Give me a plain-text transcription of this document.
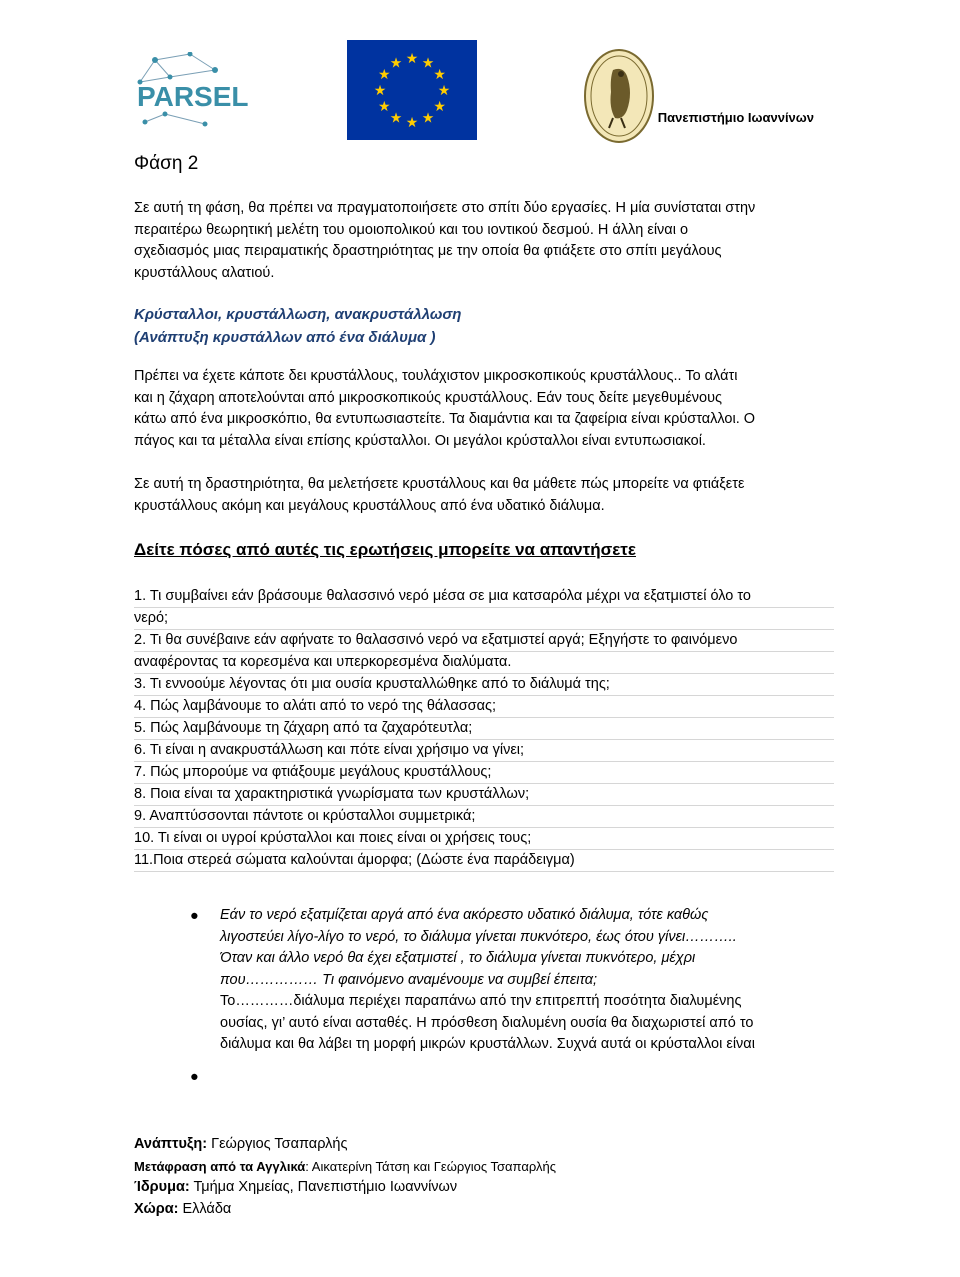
PARSEL	★
★
★
★
★
★
★
★
★ ★ ★
★
Πανεπιστήμιο Ιωαννίνων
Φάση 2
Σε αυτή τη φάση, θα πρέπει να πραγματοποιήσετε στο σπίτι δύο εργασίες. Η μία συνίσταται στην
περαιτέρω θεωρητική μελέτη του ομοιοπολικού και του ιοντικού δεσμού. Η άλλη είναι ο
σχεδιασμός μιας πειραματικής δραστηριότητας με την οποία θα φτιάξετε στο σπίτι μεγάλους
κρυστάλλους αλατιού.
Κρύσταλλοι, κρυστάλλωση, ανακρυστάλλωση
(Ανάπτυξη κρυστάλλων από ένα διάλυμα )
Πρέπει να έχετε κάποτε δει κρυστάλλους, τουλάχιστον μικροσκοπικούς κρυστάλλους.. Το αλάτι
και η ζάχαρη αποτελούνται από μικροσκοπικούς κρυστάλλους. Εάν τους δείτε μεγεθυμένους
κάτω από ένα μικροσκόπιο, θα εντυπωσιαστείτε. Τα διαμάντια και τα ζαφείρια είναι κρύσταλλοι. Ο
πάγος και τα μέταλλα είναι επίσης κρύσταλλοι. Οι μεγάλοι κρύσταλλοι είναι εντυπωσιακοί.
Σε αυτή τη δραστηριότητα, θα μελετήσετε κρυστάλλους και θα μάθετε πώς μπορείτε να φτιάξετε
κρυστάλλους ακόμη και μεγάλους κρυστάλλους από ένα υδατικό διάλυμα.
Δείτε πόσες από αυτές τις ερωτήσεις μπορείτε να απαντήσετε
1. Τι συμβαίνει εάν βράσουμε θαλασσινό νερό μέσα σε μια κατσαρόλα μέχρι να εξατμιστεί όλο το
νερό;
2. Τι θα συνέβαινε εάν αφήνατε το θαλασσινό νερό να εξατμιστεί αργά; Εξηγήστε το φαινόμενο
αναφέροντας τα κορεσμένα και υπερκορεσμένα διαλύματα.
3. Τι εννοούμε λέγοντας ότι μια ουσία κρυσταλλώθηκε από το διάλυμά της;
4. Πώς λαμβάνουμε το αλάτι από το νερό της θάλασσας;
5. Πώς λαμβάνουμε τη ζάχαρη από τα ζαχαρότευτλα;
6. Τι είναι η ανακρυστάλλωση και πότε είναι χρήσιμο να γίνει;
7. Πώς μπορούμε να φτιάξουμε μεγάλους κρυστάλλους;
8. Ποια είναι τα χαρακτηριστικά γνωρίσματα των κρυστάλλων;
9. Αναπτύσσονται πάντοτε οι κρύσταλλοι συμμετρικά;
10. Τι είναι οι υγροί κρύσταλλοι και ποιες είναι οι χρήσεις τους;
11.Ποια στερεά σώματα καλούνται άμορφα; (Δώστε ένα παράδειγμα)
● Εάν το νερό εξατμίζεται αργά από ένα ακόρεστο υδατικό διάλυμα, τότε καθώς
λιγοστεύει λίγο-λίγο το νερό, το διάλυμα γίνεται πυκνότερο, έως ότου γίνει………..
Όταν και άλλο νερό θα έχει εξατμιστεί , το διάλυμα γίνεται πυκνότερο, μέχρι
που…………… Τι φαινόμενο αναμένουμε να συμβεί έπειτα;
Το…………διάλυμα περιέχει παραπάνω από την επιτρεπτή ποσότητα διαλυμένης
ουσίας, γι’ αυτό είναι ασταθές. Η πρόσθεση διαλυμένη ουσία θα διαχωριστεί από το
διάλυμα και θα λάβει τη μορφή μικρών κρυστάλλων. Συχνά αυτά οι κρύσταλλοι είναι
●
Ανάπτυξη: Γεώργιος Τσαπαρλής
Μετάφραση από τα Αγγλικά: Αικατερίνη Τάτση και Γεώργιος Τσαπαρλής
Ίδρυμα: Τμήμα Χημείας, Πανεπιστήμιο Ιωαννίνων
Χώρα: Ελλάδα
